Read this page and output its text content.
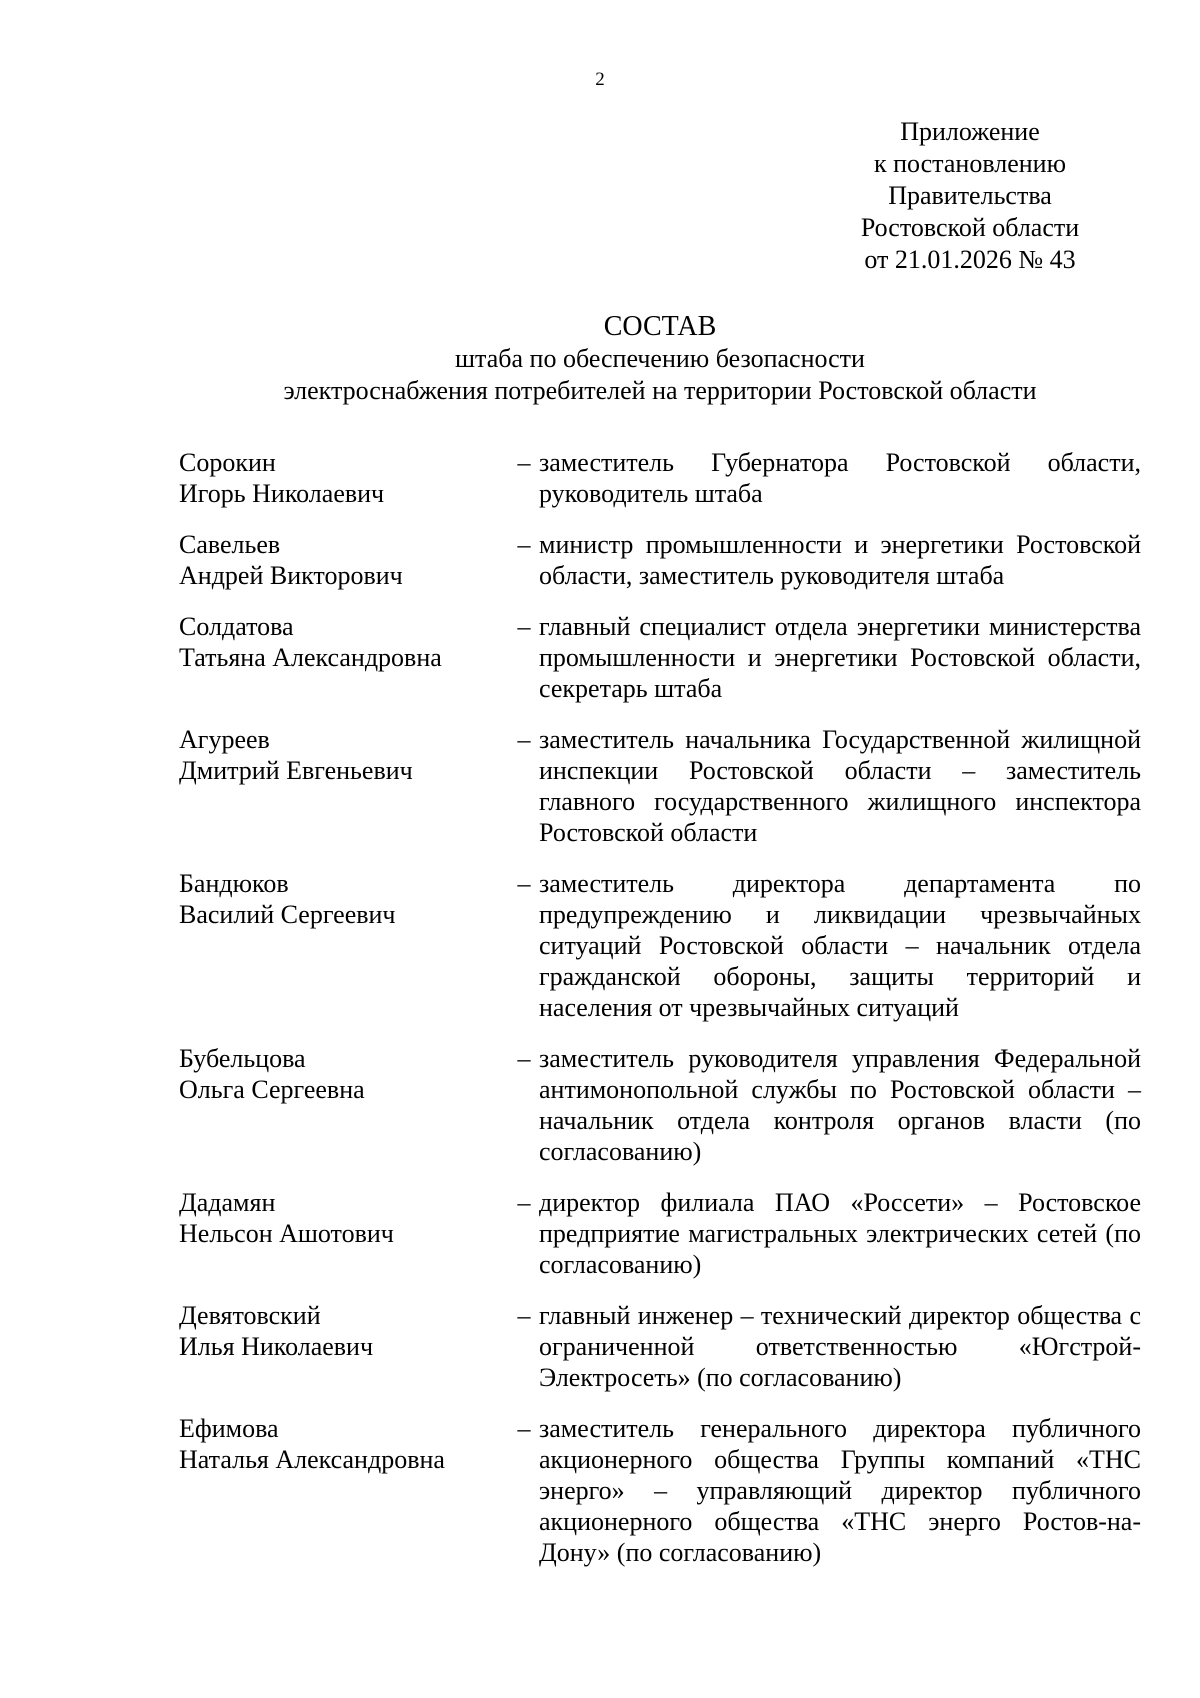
2
Приложение
к постановлению
Правительства
Ростовской области
от 21.01.2026 № 43
СОСТАВ
штаба по обеспечению безопасности
электроснабжения потребителей на территории Ростовской области
Сорокин
Игорь Николаевич
– заместитель Губернатора Ростовской области, руководитель штаба
Савельев
Андрей Викторович
– министр промышленности и энергетики Ростовской области, заместитель руководителя штаба
Солдатова
Татьяна Александровна
– главный специалист отдела энергетики министерства промышленности и энергетики Ростовской области, секретарь штаба
Агуреев
Дмитрий Евгеньевич
– заместитель начальника Государственной жилищной инспекции Ростовской области – заместитель главного государственного жилищного инспектора Ростовской области
Бандюков
Василий Сергеевич
– заместитель директора департамента по предупреждению и ликвидации чрезвычайных ситуаций Ростовской области – начальник отдела гражданской обороны, защиты территорий и населения от чрезвычайных ситуаций
Бубельцова
Ольга Сергеевна
– заместитель руководителя управления Федеральной антимонопольной службы по Ростовской области – начальник отдела контроля органов власти (по согласованию)
Дадамян
Нельсон Ашотович
– директор филиала ПАО «Россети» – Ростовское предприятие магистральных электрических сетей (по согласованию)
Девятовский
Илья Николаевич
– главный инженер – технический директор общества с ограниченной ответственностью «Югстрой-Электросеть» (по согласованию)
Ефимова
Наталья Александровна
– заместитель генерального директора публичного акционерного общества Группы компаний «ТНС энерго» – управляющий директор публичного акционерного общества «ТНС энерго Ростов-на-Дону» (по согласованию)
